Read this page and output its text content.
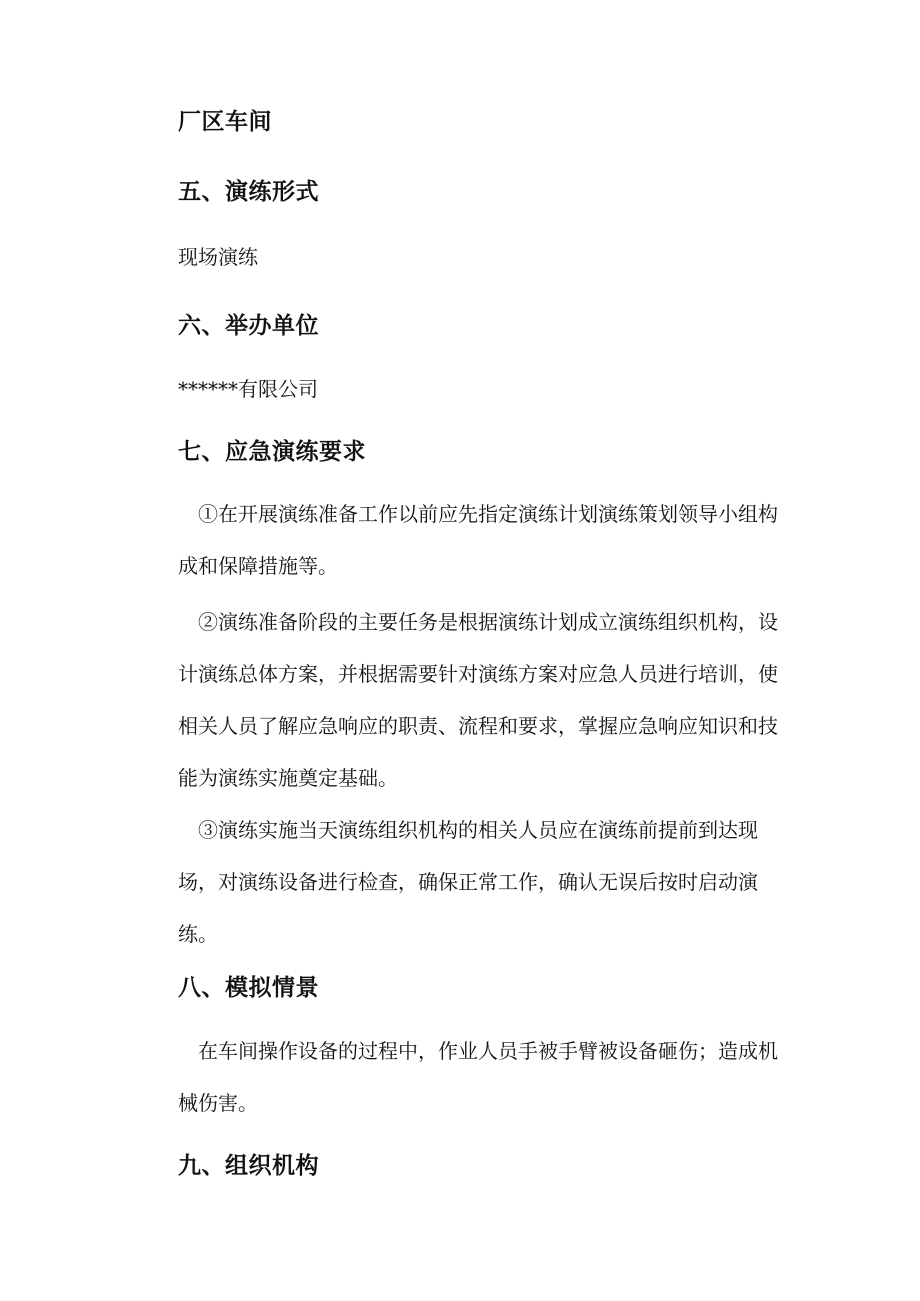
厂区车间
五、演练形式
现场演练
六、举办单位
******有限公司
七、应急演练要求

①在开展演练准备工作以前应先指定演练计划演练策划领导小组构成和保障措施等。

②演练准备阶段的主要任务是根据演练计划成立演练组织机构，设计演练总体方案，并根据需要针对演练方案对应急人员进行培训，使相关人员了解应急响应的职责、流程和要求，掌握应急响应知识和技能为演练实施奠定基础。

③演练实施当天演练组织机构的相关人员应在演练前提前到达现场，对演练设备进行检查，确保正常工作，确认无误后按时启动演练。

八、模拟情景

在车间操作设备的过程中，作业人员手被手臂被设备砸伤；造成机械伤害。

九、组织机构
